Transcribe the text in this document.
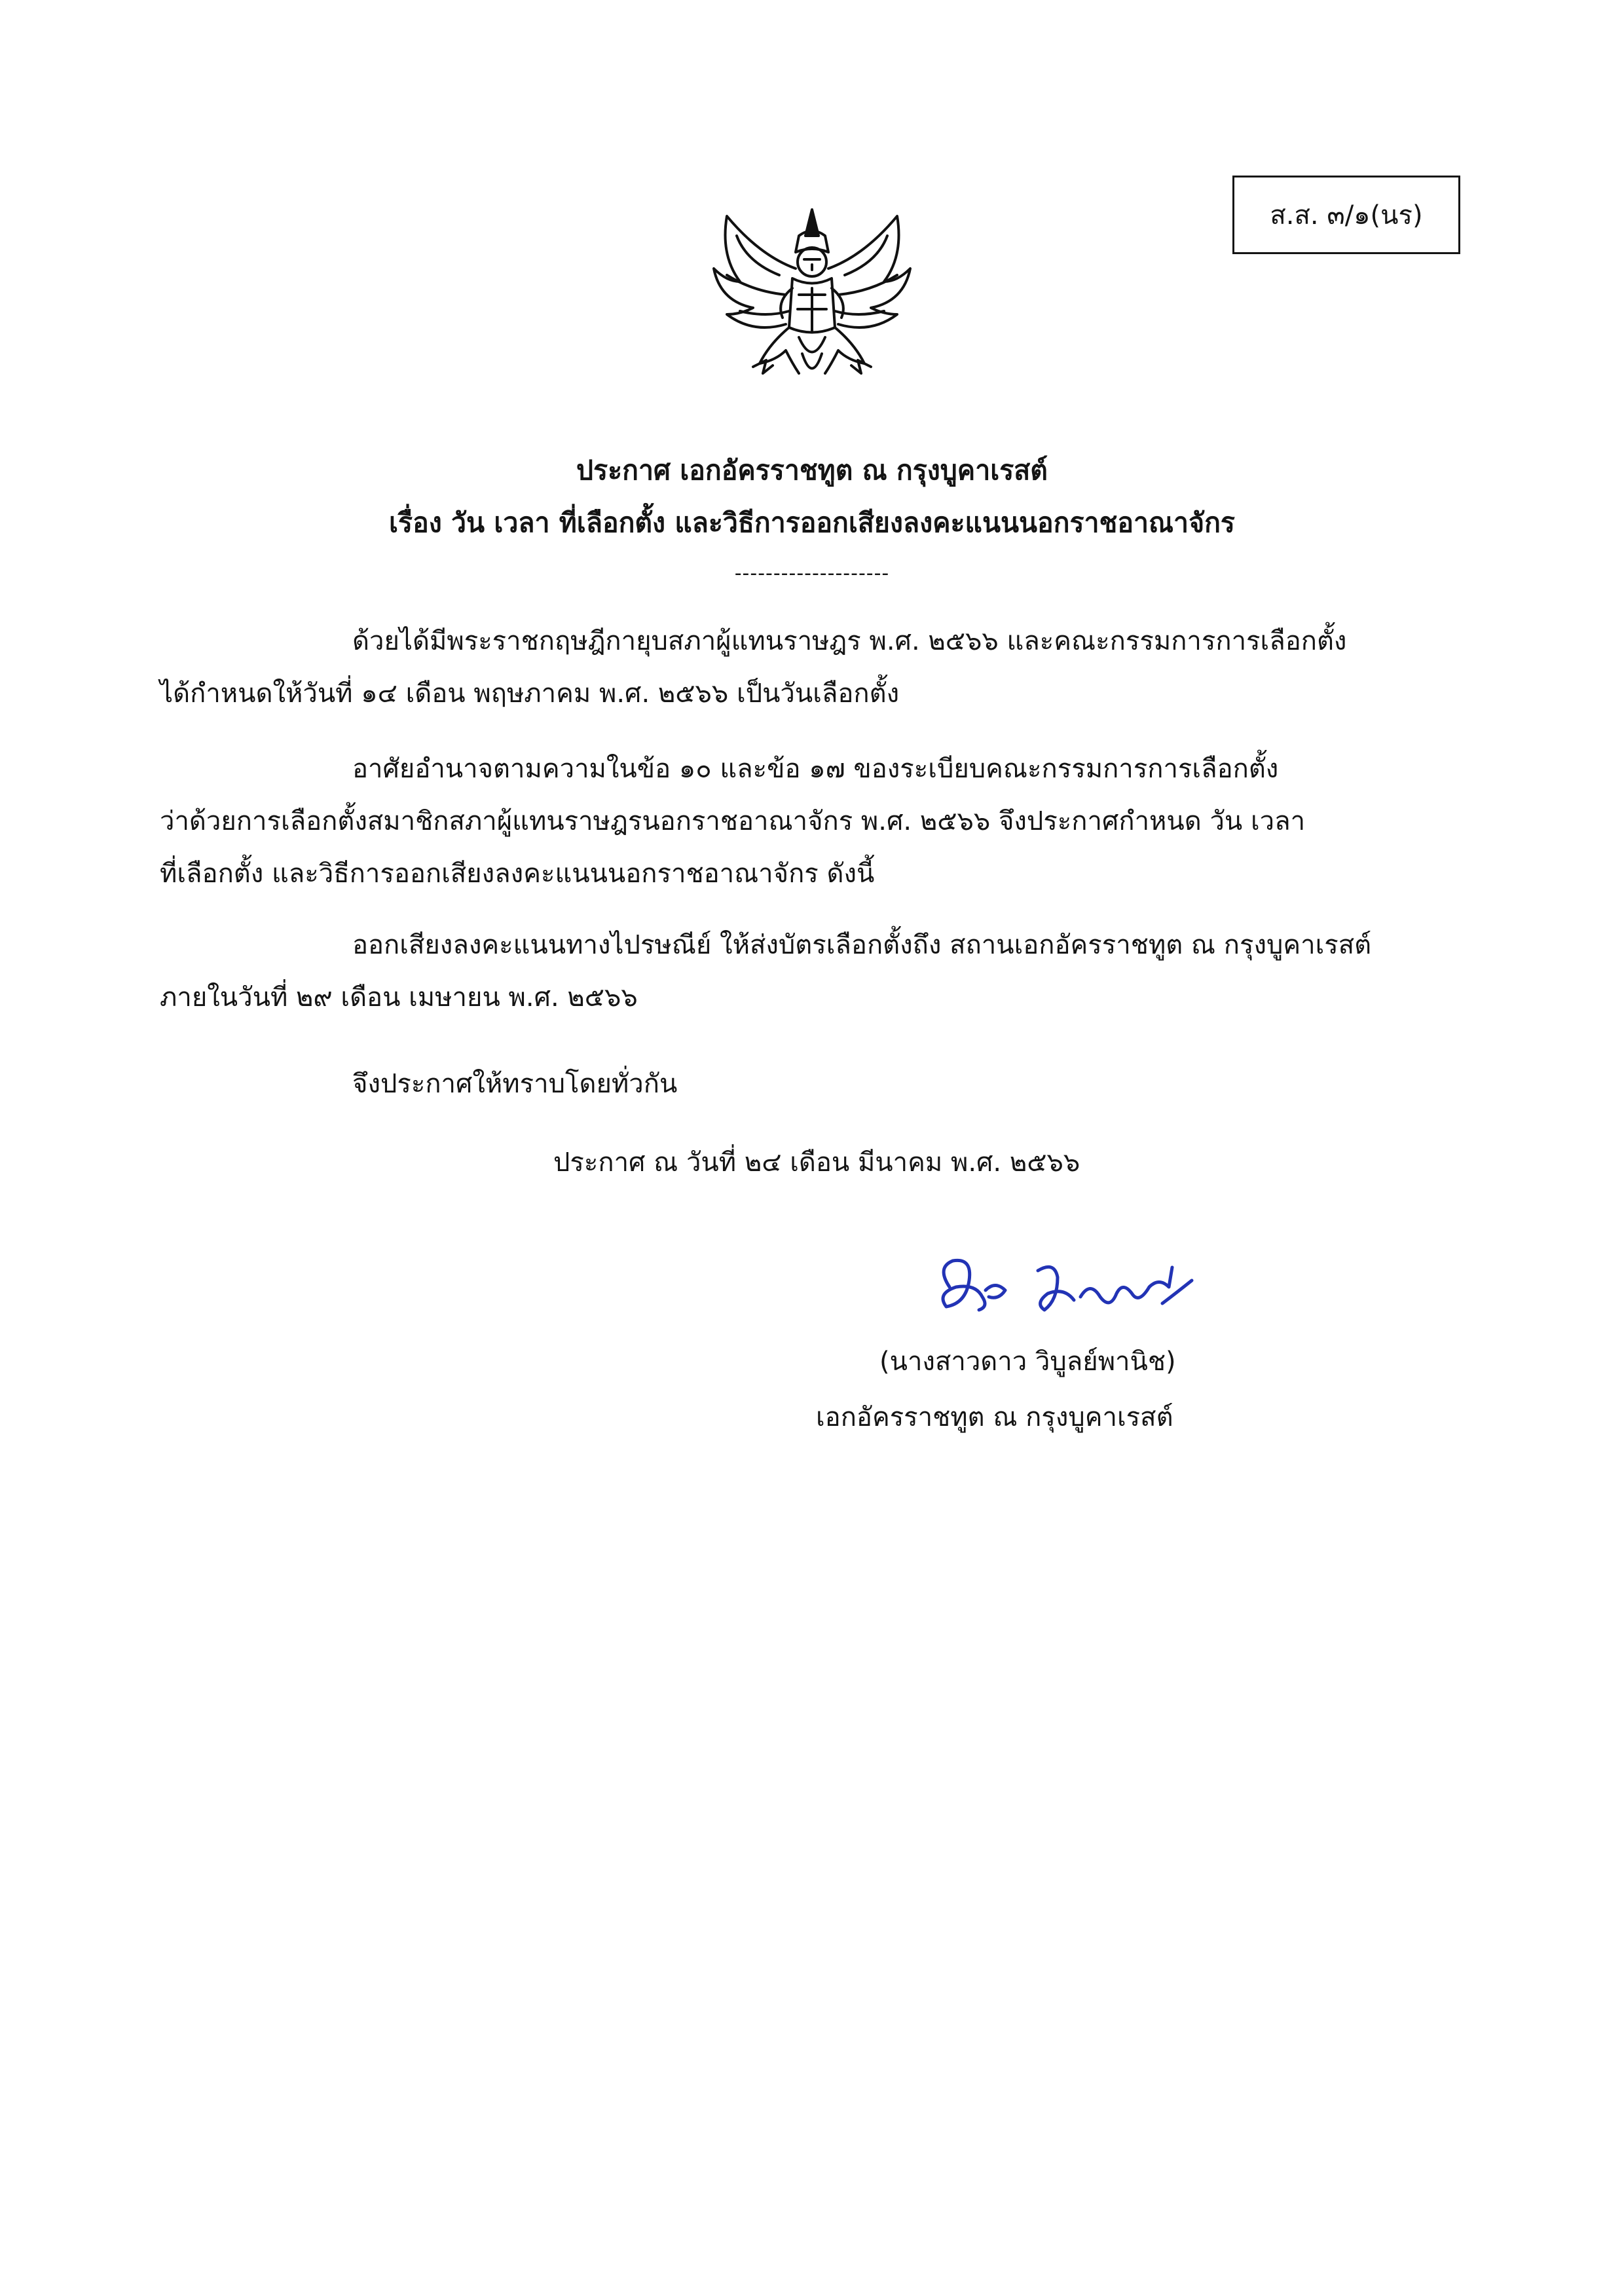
ส.ส. ๓/๑(นร)
ประกาศ เอกอัครราชทูต ณ กรุงบูคาเรสต์
เรื่อง วัน เวลา ที่เลือกตั้ง และวิธีการออกเสียงลงคะแนนนอกราชอาณาจักร
--------------------
ด้วยได้มีพระราชกฤษฎีกายุบสภาผู้แทนราษฎร พ.ศ. ๒๕๖๖ และคณะกรรมการการเลือกตั้ง
ได้กำหนดให้วันที่ ๑๔ เดือน พฤษภาคม พ.ศ. ๒๕๖๖ เป็นวันเลือกตั้ง
อาศัยอำนาจตามความในข้อ ๑๐ และข้อ ๑๗ ของระเบียบคณะกรรมการการเลือกตั้ง
ว่าด้วยการเลือกตั้งสมาชิกสภาผู้แทนราษฎรนอกราชอาณาจักร พ.ศ. ๒๕๖๖ จึงประกาศกำหนด วัน เวลา
ที่เลือกตั้ง และวิธีการออกเสียงลงคะแนนนอกราชอาณาจักร ดังนี้
ออกเสียงลงคะแนนทางไปรษณีย์ ให้ส่งบัตรเลือกตั้งถึง สถานเอกอัครราชทูต ณ กรุงบูคาเรสต์
ภายในวันที่ ๒๙ เดือน เมษายน พ.ศ. ๒๕๖๖
จึงประกาศให้ทราบโดยทั่วกัน
ประกาศ ณ วันที่ ๒๔ เดือน มีนาคม พ.ศ. ๒๕๖๖
(นางสาวดาว วิบูลย์พานิช)
เอกอัครราชทูต ณ กรุงบูคาเรสต์
